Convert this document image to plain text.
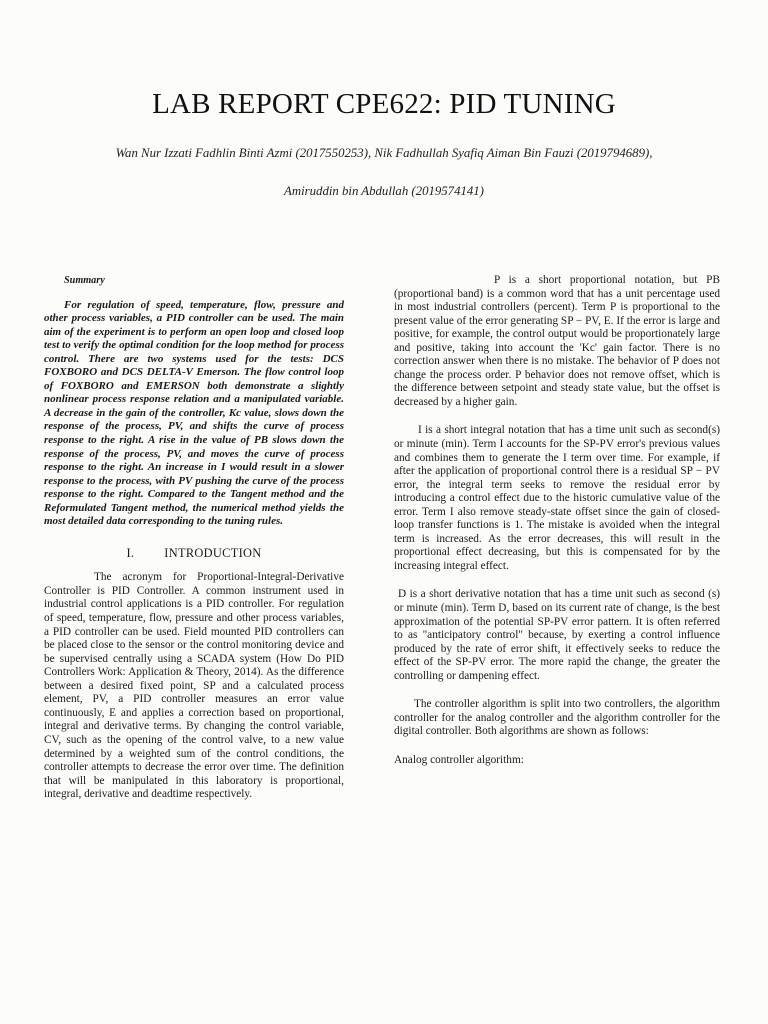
LAB REPORT CPE622: PID TUNING
Wan Nur Izzati Fadhlin Binti Azmi (2017550253), Nik Fadhullah Syafiq Aiman Bin Fauzi (2019794689),
Amiruddin bin Abdullah (2019574141)
Summary

For regulation of speed, temperature, flow, pressure and other process variables, a PID controller can be used. The main aim of the experiment is to perform an open loop and closed loop test to verify the optimal condition for the loop method for process control. There are two systems used for the tests: DCS FOXBORO and DCS DELTA-V Emerson. The flow control loop of FOXBORO and EMERSON both demonstrate a slightly nonlinear process response relation and a manipulated variable. A decrease in the gain of the controller, Kc value, slows down the response of the process, PV, and shifts the curve of process response to the right. A rise in the value of PB slows down the response of the process, PV, and moves the curve of process response to the right. An increase in I would result in a slower response to the process, with PV pushing the curve of the process response to the right. Compared to the Tangent method and the Reformulated Tangent method, the numerical method yields the most detailed data corresponding to the tuning rules.

I. INTRODUCTION

The acronym for Proportional-Integral-Derivative Controller is PID Controller. A common instrument used in industrial control applications is a PID controller. For regulation of speed, temperature, flow, pressure and other process variables, a PID controller can be used. Field mounted PID controllers can be placed close to the sensor or the control monitoring device and be supervised centrally using a SCADA system (How Do PID Controllers Work: Application & Theory, 2014). As the difference between a desired fixed point, SP and a calculated process element, PV, a PID controller measures an error value continuously, E and applies a correction based on proportional, integral and derivative terms. By changing the control variable, CV, such as the opening of the control valve, to a new value determined by a weighted sum of the control conditions, the controller attempts to decrease the error over time. The definition that will be manipulated in this laboratory is proportional, integral, derivative and deadtime respectively.

P is a short proportional notation, but PB (proportional band) is a common word that has a unit percentage used in most industrial controllers (percent). Term P is proportional to the present value of the error generating SP − PV, E. If the error is large and positive, for example, the control output would be proportionately large and positive, taking into account the 'Kc' gain factor. There is no correction answer when there is no mistake. The behavior of P does not change the process order. P behavior does not remove offset, which is the difference between setpoint and steady state value, but the offset is decreased by a higher gain.

I is a short integral notation that has a time unit such as second(s) or minute (min). Term I accounts for the SP-PV error's previous values and combines them to generate the I term over time. For example, if after the application of proportional control there is a residual SP − PV error, the integral term seeks to remove the residual error by introducing a control effect due to the historic cumulative value of the error. Term I also remove steady-state offset since the gain of closed-loop transfer functions is 1. The mistake is avoided when the integral term is increased. As the error decreases, this will result in the proportional effect decreasing, but this is compensated for by the increasing integral effect.

D is a short derivative notation that has a time unit such as second (s) or minute (min). Term D, based on its current rate of change, is the best approximation of the potential SP-PV error pattern. It is often referred to as "anticipatory control" because, by exerting a control influence produced by the rate of error shift, it effectively seeks to reduce the effect of the SP-PV error. The more rapid the change, the greater the controlling or dampening effect.

The controller algorithm is split into two controllers, the algorithm controller for the analog controller and the algorithm controller for the digital controller. Both algorithms are shown as follows:

Analog controller algorithm:
